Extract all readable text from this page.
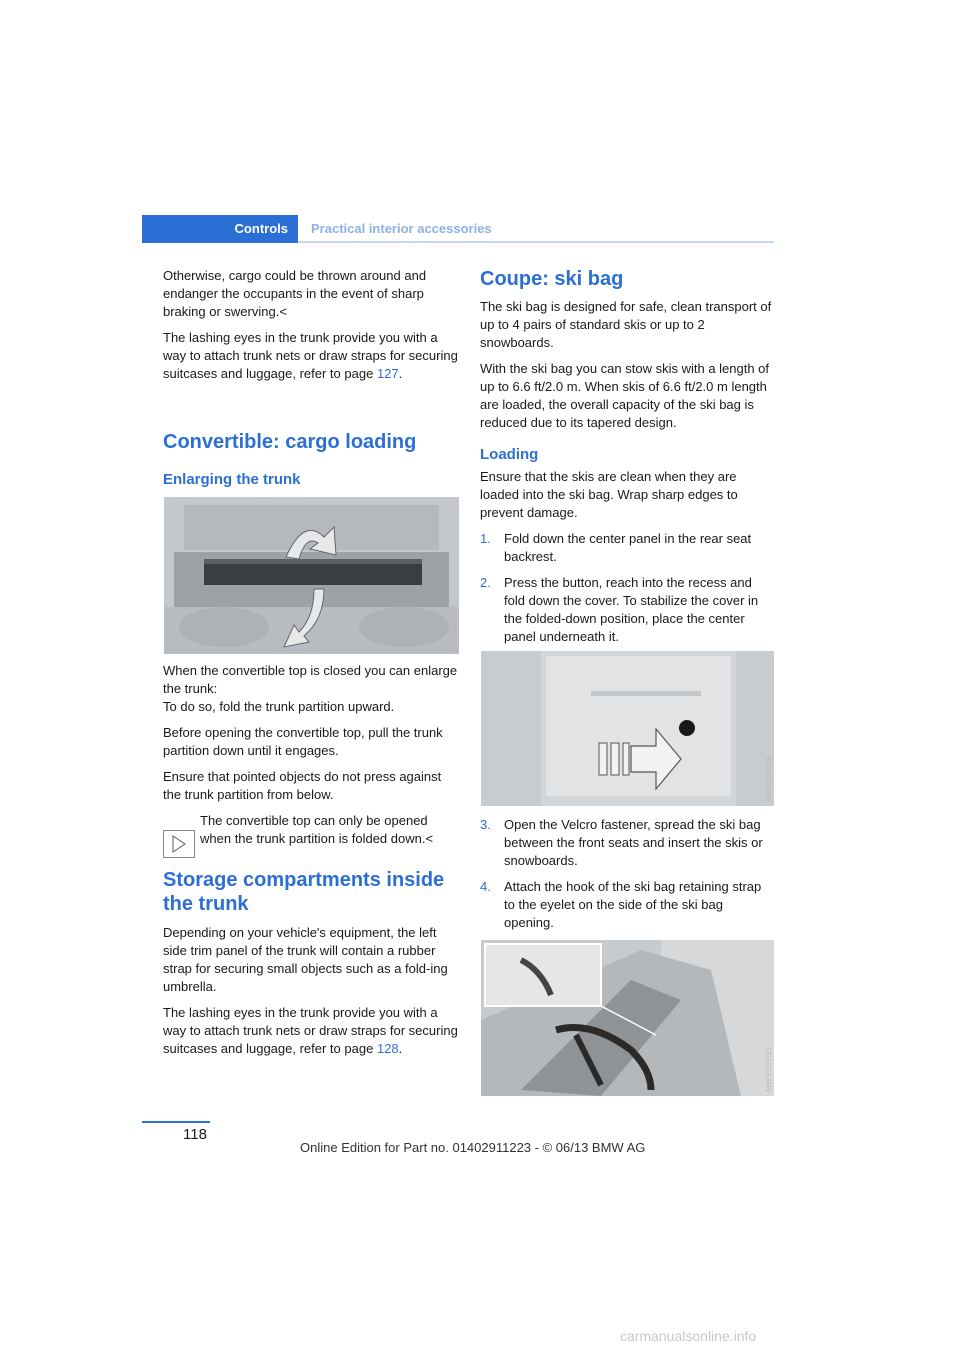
Controls Practical interior accessories

Otherwise, cargo could be thrown around and endanger the occupants in the event of sharp braking or swerving.<

The lashing eyes in the trunk provide you with a way to attach trunk nets or draw straps for securing suitcases and luggage, refer to page 127.

Convertible: cargo loading
Enlarging the trunk
MW02UP08

When the convertible top is closed you can enlarge the trunk:
To do so, fold the trunk partition upward.

Before opening the convertible top, pull the trunk partition down until it engages.

Ensure that pointed objects do not press against the trunk partition from below.

The convertible top can only be opened when the trunk partition is folded down.<
Storage compartments inside the trunk

Depending on your vehicle's equipment, the left side trim panel of the trunk will contain a rubber strap for securing small objects such as a fold-ing umbrella.

The lashing eyes in the trunk provide you with a way to attach trunk nets or draw straps for securing suitcases and luggage, refer to page 128.

Coupe: ski bag

The ski bag is designed for safe, clean transport of up to 4 pairs of standard skis or up to 2 snowboards.

With the ski bag you can stow skis with a length of up to 6.6 ft/2.0 m. When skis of 6.6 ft/2.0 m length are loaded, the overall capacity of the ski bag is reduced due to its tapered design.

Loading

Ensure that the skis are clean when they are loaded into the ski bag. Wrap sharp edges to prevent damage.

1. Fold down the center panel in the rear seat backrest.
2. Press the button, reach into the recess and fold down the cover. To stabilize the cover in the folded-down position, place the center panel underneath it.
MW02UP14
3. Open the Velcro fastener, spread the ski bag between the front seats and insert the skis or snowboards.
4. Attach the hook of the ski bag retaining strap to the eyelet on the side of the ski bag opening.
MW02UP22
118
Online Edition for Part no. 01402911223 - © 06/13 BMW AG
carmanualsonline.info
